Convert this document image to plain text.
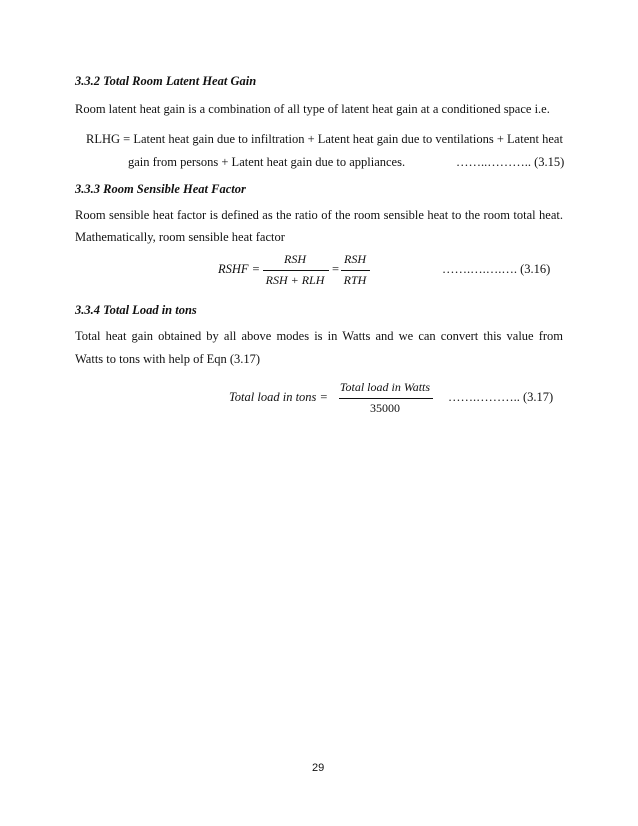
3.3.2 Total Room Latent Heat Gain
Room latent heat gain is a combination of all type of latent heat gain at a conditioned space i.e.
RLHG = Latent heat gain due to infiltration + Latent heat gain due to ventilations + Latent heat
gain from persons + Latent heat gain due to appliances.	……..……….. (3.15)
3.3.3 Room Sensible Heat Factor
Room sensible heat factor is defined as the ratio of the room sensible heat to the room total heat.
Mathematically, room sensible heat factor
RSHF =
RSH
RSH + RLH
=
RSH
RTH
…….….….…. (3.16)
3.3.4 Total Load in tons
Total heat gain obtained by all above modes is in Watts and we can convert this value from
Watts to tons with help of Eqn (3.17)
Total load in tons =
Total load in Watts
35000
…….……….. (3.17)
29
